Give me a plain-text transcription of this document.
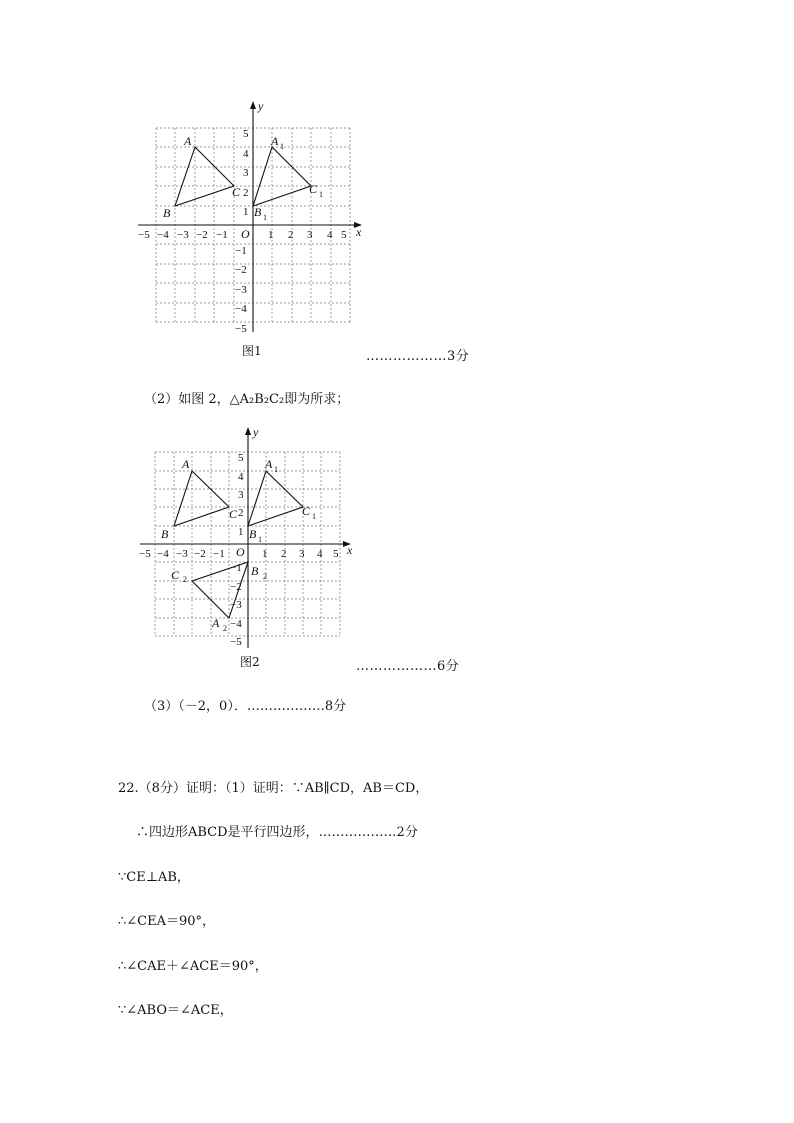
x
y
O
−5 −4 −3 −2 −1	1 2 3 4 5
5
4
3
2
1
−1
−2
−3
−4
−5
A
B
C
A 1
B 1
C 1
图1	………………3分
（2）如图 2，△A₂B₂C₂即为所求；
x
y
O
−5 −4 −3 −2 −1	1 2 3 4 5
5
4
3
2
1
−1
−2
−3
−4
−5
A
B
C
A 1
B 1
C 1
C 2
B 2
A 2
图2	………………6分
（3）（－2，0）．………………8分
22.（8分）证明：（1）证明：∵AB∥CD，AB＝CD，
∴四边形ABCD是平行四边形，………………2分
∵CE⊥AB，
∴∠CEA＝90°，
∴∠CAE＋∠ACE＝90°，
∵∠ABO＝∠ACE，
